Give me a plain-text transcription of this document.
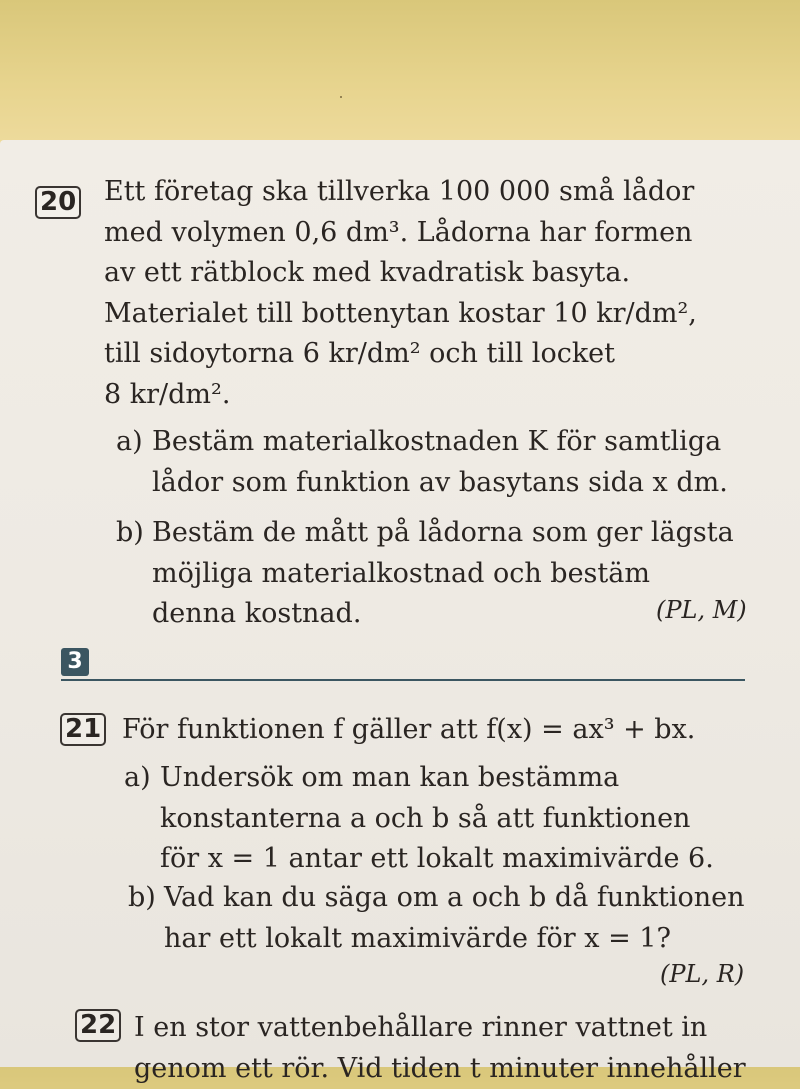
20 Ett företag ska tillverka 100 000 små lådor
med volymen 0,6 dm³. Lådorna har formen
av ett rätblock med kvadratisk basyta.
Materialet till bottenytan kostar 10 kr/dm²,
till sidoytorna 6 kr/dm² och till locket
8 kr/dm².
a) Bestäm materialkostnaden K för samtliga
lådor som funktion av basytans sida x dm.
b) Bestäm de mått på lådorna som ger lägsta
möjliga materialkostnad och bestäm
denna kostnad.	(PL, M)
3
21 För funktionen f gäller att f(x) = ax³ + bx.
a) Undersök om man kan bestämma
konstanterna a och b så att funktionen
för x = 1 antar ett lokalt maximivärde 6.
b) Vad kan du säga om a och b då funktionen
har ett lokalt maximivärde för x = 1?
(PL, R)
22 I en stor vattenbehållare rinner vattnet in
genom ett rör. Vid tiden t minuter innehåller
